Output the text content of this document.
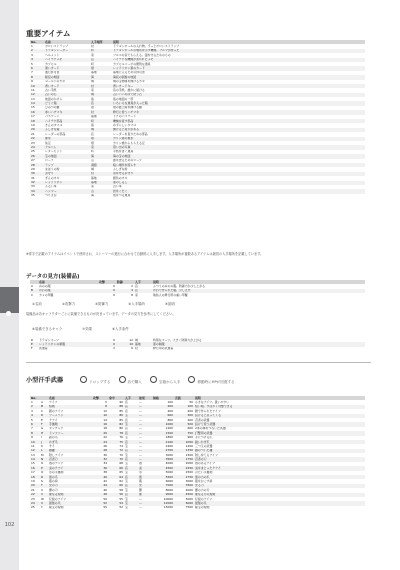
102
重要アイテム
No.	名前	入手場所	説明
1	ボロいストラップ	村	ドラゴンボールの入れ物。ずっとボロいストラップ
2	ドラゴンレーダー	町	ドラゴンボールの場所を示す機械。ブルマが作った
3	ヘルメット	家	ブルマの家でもらえる。頭を守るためのもの
4	ハイテクメモ	店	ハイテクな機械が書かれたメモ
5	カプセル	町	カプセルコーポの便利な道具
6	黒いカード	塔	レッドリボン軍のカード
7	通行許可書	基地	基地に入るための許可書
8	秘密の地図	海	海底の洞窟の地図
9	ゴールドのカギ	城	城の宝物庫を開けるカギ
10	青いカード	村	青いカードキー
11	古い手紙	家	昔の手紙。誰かに届ける
12	占いの石	城	占いババの所で使う石
13	地図のかけら	島	島の地図の一部
14	どうぐ箱	店	いろいろな道具が入った箱
15	ひみつの鍵	塔	塔の最上階を開ける鍵
16	赤いハチマキ	村	修行に使うハチマキ
17	パスワード	基地	ドアのパスワード
18	ハイテク部品	町	機械を直す部品
19	きんのタマゴ	島	めずらしいタマゴ
20	ふしぎな箱	城	開けると何かがある
21	レーダーの部品	店	レーダーを直すための部品
22	聖水	塔	カリン塔の聖水
23	仙豆	塔	カリン様からもらえる豆
24	アルバム	家	思い出の写真
25	レターセット	町	手紙を書く道具
26	宝の地図	海	海の宝の地図
27	ロープ	山	崖を登るためのロープ
28	ランプ	洞窟	暗い場所を照らす
29	まほうの粉	城	ふしぎな粉
30	お守り	村	身を守るお守り
31	ぎんのカギ	基地	銀色のカギ
32	レッドリボン	基地	軍のしるし
33	ふるい本	家	古い本
34	ハンマー	山	岩をくだく
35	つりざお	海	魚をつる道具
※青字で記載のアイテムはイベントで使用され、ストーリーの進行に合わせて自動的に入手します。入手場所が複数あるアイテムは最初の入手場所を記載しています。
データの見方(装備品)
	名前	攻撃	防御	入手	説明
A	ぬのの服	0	2	店	ふつうのぬのの服。防御力が少し上がる
B	かわの服	0	4	店	かわで作られた服。少し丈夫
C	カメの甲羅	0	8	家	亀仙人の修行用の重い甲羅
①名前	②攻撃力	③防御力	④入手場所	⑤説明
装備品は各キャラクターごとに装備できるものが決まっています。データの見方を参考にしてください。
⑥装備できるキャラ	⑦効果	⑧入手条件
D	ドラゴンスーツ	0	12	城	特別なスーツ。大きく防御力が上がる
E	レッドリボンの制服	0	10	基地	軍の制服
F	武道着	2	6	村	修行用の武道着
小型汗手武器	ドロップする	店で購入	宝箱から入手	移動時にHPが回復する
No.		名前	攻撃	命中	入手	効果	価格	売値	説明
1	A	ナイフ	5	90	店	—	100	50	小さなナイフ。扱いやすい
2	B	短剣	8	88	店	—	200	100	短い剣。すばやく攻撃できる
3	C	銀のナイフ	12	85	店	—	400	200	銀で作られたナイフ
4	D	ブーメラン	10	80	宝	—	600	300	投げると戻ってくる
5	E	クナイ	14	85	店	—	800	400	忍者の武器
6	F	手裏剣	16	82	宝	—	1000	500	投げて使う武器
7	G	ヌンチャク	18	80	店	—	1200	600	2本の棒をつないだ武器
8	H	トンファー	20	78	店	—	1500	750	打撃用の武器
9	I	鉄の爪	22	76	宝	—	1800	900	手につける爪
10	J	かぎ爪	24	75	店	—	2100	1050	鋭いかぎ爪
11	K	サイ	26	74	宝	—	2400	1200	三つ又の武器
12	L	鎖鎌	28	72	店	—	2700	1350	鎖のついた鎌
13	M	隠しナイフ	30	70	宝	—	3000	1500	隠し持てるナイフ
14	N	忍者刀	32	70	店	—	3500	1750	忍者の刀
15	O	毒のナイフ	34	68	宝	毒	4000	2000	毒のあるナイフ
16	P	炎のクナイ	36	66	店	炎	4500	2250	炎をまとったクナイ
17	Q	氷の手裏剣	38	65	宝	氷	5000	2500	冷たい手裏剣
18	R	雷の爪	40	64	店	雷	5500	2750	雷の力の爪
19	S	風の扇	42	62	宝	風	6000	3000	風をおこす扇
20	T	光の刃	44	60	店	光	7000	3500	光る刃
21	U	闇の刃	46	58	宝	闇	8000	4000	闇の力の刃
22	V	聖なる短剣	48	56	店	聖	9000	4500	聖なる力の短剣
23	W	伝説のナイフ	50	55	宝	—	10000	5000	伝説のナイフ
24	X	最強の爪	52	54	宝	—	12000	6000	最強の爪
25	Y	秘宝の短剣	55	52	宝	—	15000	7500	秘宝の短剣
